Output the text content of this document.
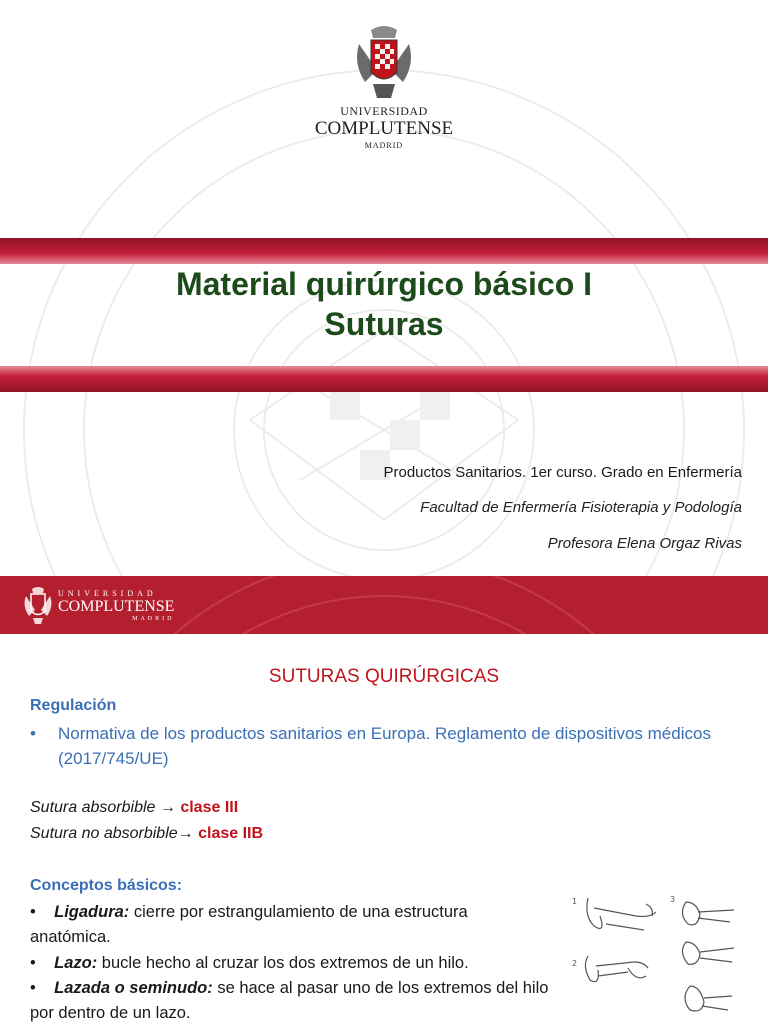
UNIVERSIDAD
COMPLUTENSE
MADRID
Material quirúrgico básico I
Suturas
Productos Sanitarios. 1er curso. Grado en Enfermería
Facultad de Enfermería Fisioterapia y Podología
Profesora Elena Orgaz Rivas
UNIVERSIDAD
COMPLUTENSE
MADRID
SUTURAS QUIRÚRGICAS
Regulación
• Normativa de los productos sanitarios en Europa. Reglamento de dispositivos médicos (2017/745/UE)
Sutura absorbible → clase III
Sutura no absorbible→ clase IIB
Conceptos básicos:
• Ligadura: cierre por estrangulamiento de una estructura anatómica.
• Lazo: bucle hecho al cruzar los dos extremos de un hilo.
• Lazada o seminudo: se hace al pasar uno de los extremos del hilo por dentro de un lazo.
1
2
3
